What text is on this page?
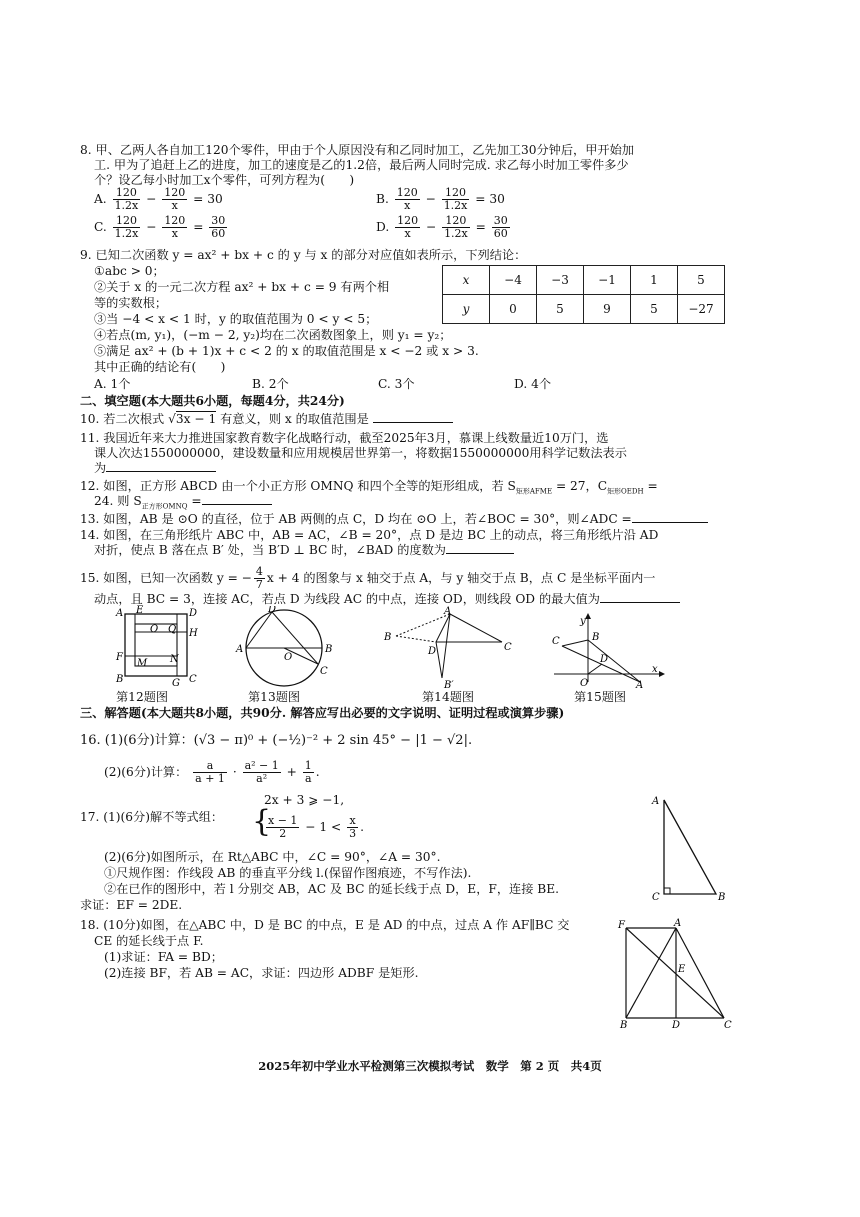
8. 甲、乙两人各自加工120个零件，甲由于个人原因没有和乙同时加工，乙先加工30分钟后，甲开始加
工. 甲为了追赶上乙的进度，加工的速度是乙的1.2倍，最后两人同时完成. 求乙每小时加工零件多少
个？设乙每小时加工x个零件，可列方程为(　　)
A. $\frac{120}{1.2x} - \frac{120}{x} = 30$	B. $\frac{120}{x} - \frac{120}{1.2x} = 30$
C. $\frac{120}{1.2x} - \frac{120}{x} = \frac{30}{60}$	D. $\frac{120}{x} - \frac{120}{1.2x} = \frac{30}{60}$
9. 已知二次函数 y = ax² + bx + c 的 y 与 x 的部分对应值如表所示，下列结论：
①abc > 0；
②关于 x 的一元二次方程 ax² + bx + c = 9 有两个相
等的实数根；
③当 −4 < x < 1 时，y 的取值范围为 0 < y < 5；
④若点(m, y₁)，(−m − 2, y₂)均在二次函数图象上，则 y₁ = y₂；
⑤满足 ax² + (b + 1)x + c < 2 的 x 的取值范围是 x < −2 或 x > 3.
其中正确的结论有(　　)
A. 1个	B. 2个	C. 3个	D. 4个
x	−4	−3	−1	1	5
y	0	5	9	5	−27
二、填空题(本大题共6小题，每题4分，共24分)
10. 若二次根式 √3x − 1 有意义，则 x 的取值范围是
11. 我国近年来大力推进国家教育数字化战略行动，截至2025年3月，慕课上线数量近10万门，选
课人次达1550000000，建设数量和应用规模居世界第一，将数据1550000000用科学记数法表示
为
12. 如图，正方形 ABCD 由一个小正方形 OMNQ 和四个全等的矩形组成，若 $S_{矩形AFME} = 27$，$C_{矩形OEDH}$ =
24. 则 $S_{正方形OMNQ}$ =
13. 如图，AB 是 ⊙O 的直径，位于 AB 两侧的点 C，D 均在 ⊙O 上，若∠BOC = 30°，则∠ADC =
14. 如图，在三角形纸片 ABC 中，AB = AC，∠B = 20°，点 D 是边 BC 上的动点，将三角形纸片沿 AD
对折，使点 B 落在点 B′ 处，当 B′D ⊥ BC 时，∠BAD 的度数为
15. 如图，已知一次函数 y = − $\frac{4}{7}$ x + 4 的图象与 x 轴交于点 A，与 y 轴交于点 B，点 C 是坐标平面内一
动点，且 BC = 3，连接 AC，若点 D 为线段 AC 的中点，连接 OD，则线段 OD 的最大值为
A E	D
O Q H
F
M N
B	G C
第12题图
D
A	B
O
C
第13题图
A
B
D	C
B′
第14题图
y
x
B
C
D
O	A
第15题图
三、解答题(本大题共8小题，共90分. 解答应写出必要的文字说明、证明过程或演算步骤)
16. (1)(6分)计算：(√3 − π)⁰ + (−½)⁻² + 2 sin 45° − |1 − √2|.
(2)(6分)计算： $\frac{a}{a + 1} \cdot \frac{\text{a² − 1}}{\text{a²}} + \frac{1}{a}$ .
17. (1)(6分)解不等式组： {
2x + 3 ⩾ −1,
$\frac{x - 1}{2} - 1 < \frac{x}{3}$ .
(2)(6分)如图所示，在 Rt△ABC 中，∠C = 90°，∠A = 30°.
①尺规作图：作线段 AB 的垂直平分线 l.(保留作图痕迹，不写作法).
②在已作的图形中，若 l 分别交 AB，AC 及 BC 的延长线于点 D，E，F，连接 BE.
求证：EF = 2DE.
A
C	B
18. (10分)如图，在△ABC 中，D 是 BC 的中点，E 是 AD 的中点，过点 A 作 AF∥BC 交
CE 的延长线于点 F.
(1)求证：FA = BD；
(2)连接 BF，若 AB = AC，求证：四边形 ADBF 是矩形.
F	A
E
B	D	C
2025年初中学业水平检测第三次模拟考试　数学　第 2 页　共4页
